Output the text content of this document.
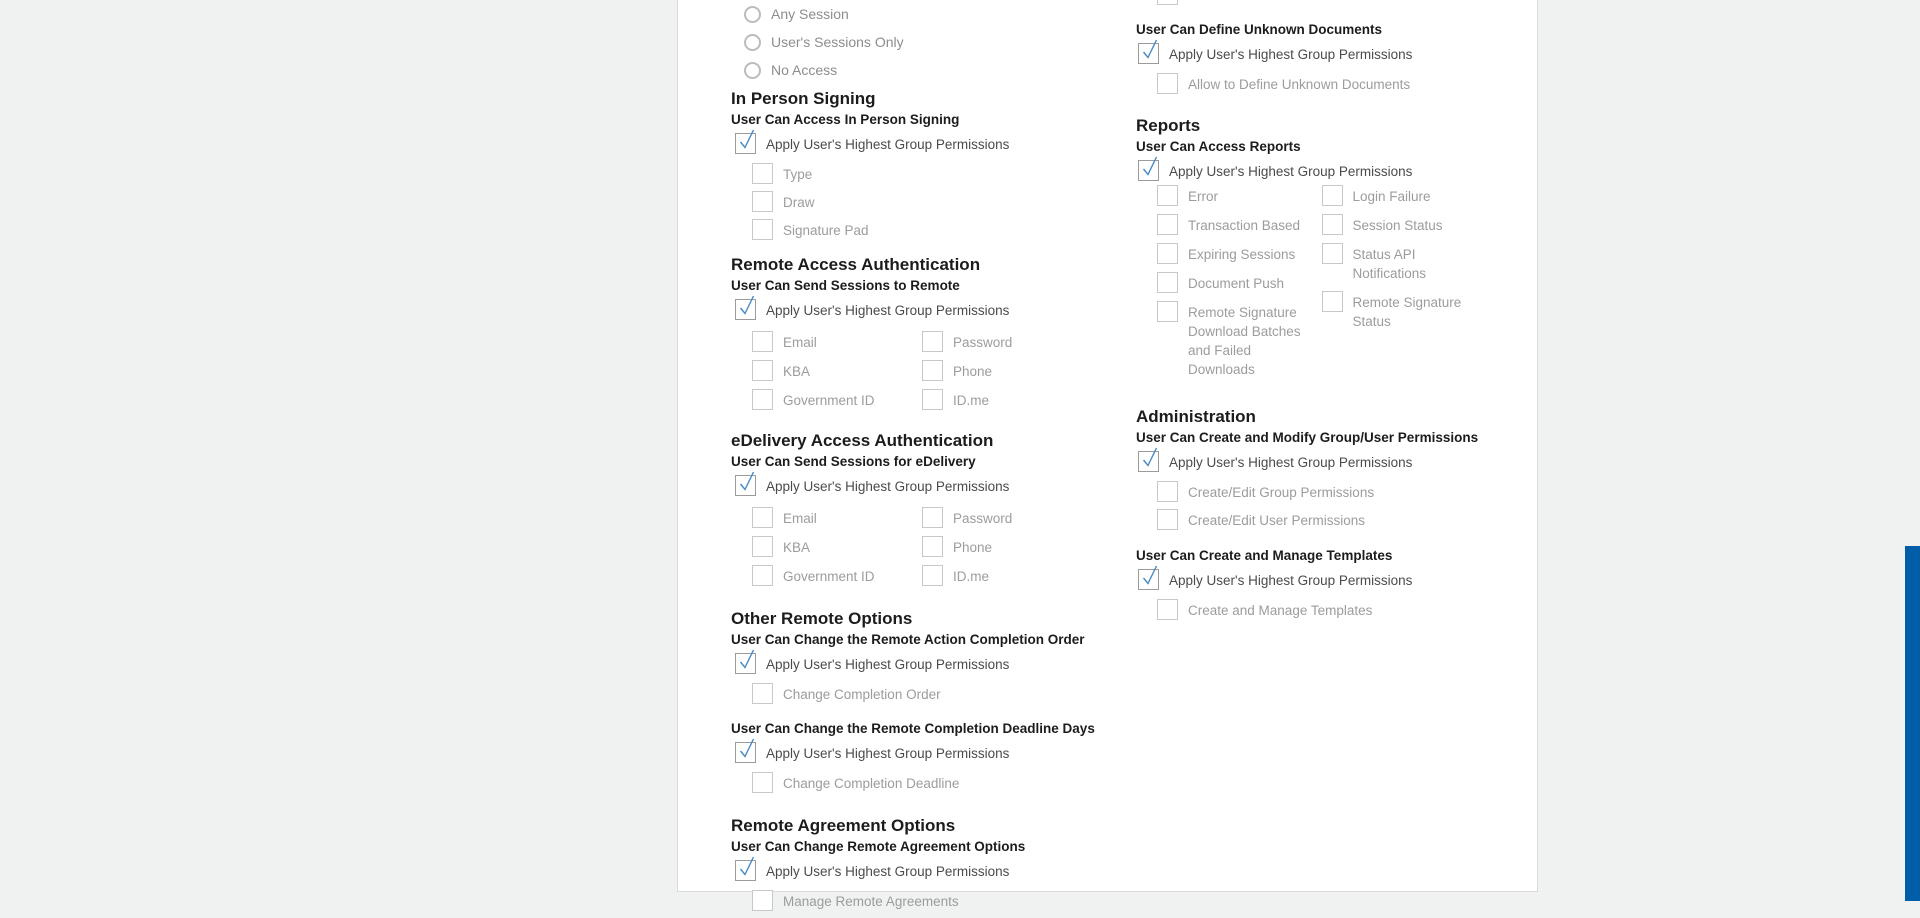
Any Session
User's Sessions Only
No Access
In Person Signing
User Can Access In Person Signing
Apply User's Highest Group Permissions
Type
Draw
Signature Pad
Remote Access Authentication
User Can Send Sessions to Remote
Apply User's Highest Group Permissions
Email
KBA
Government ID
Password
Phone
ID.me
eDelivery Access Authentication
User Can Send Sessions for eDelivery
Apply User's Highest Group Permissions
Email
KBA
Government ID
Password
Phone
ID.me
Other Remote Options
User Can Change the Remote Action Completion Order
Apply User's Highest Group Permissions
Change Completion Order
User Can Change the Remote Completion Deadline Days
Apply User's Highest Group Permissions
Change Completion Deadline
Remote Agreement Options
User Can Change Remote Agreement Options
Apply User's Highest Group Permissions
Manage Remote Agreements
User Can Define Unknown Documents
Apply User's Highest Group Permissions
Allow to Define Unknown Documents
Reports
User Can Access Reports
Apply User's Highest Group Permissions
Error
Transaction Based
Expiring Sessions
Document Push
Remote Signature Download Batches and Failed Downloads
Login Failure
Session Status
Status API Notifications
Remote Signature Status
Administration
User Can Create and Modify Group/User Permissions
Apply User's Highest Group Permissions
Create/Edit Group Permissions
Create/Edit User Permissions
User Can Create and Manage Templates
Apply User's Highest Group Permissions
Create and Manage Templates
